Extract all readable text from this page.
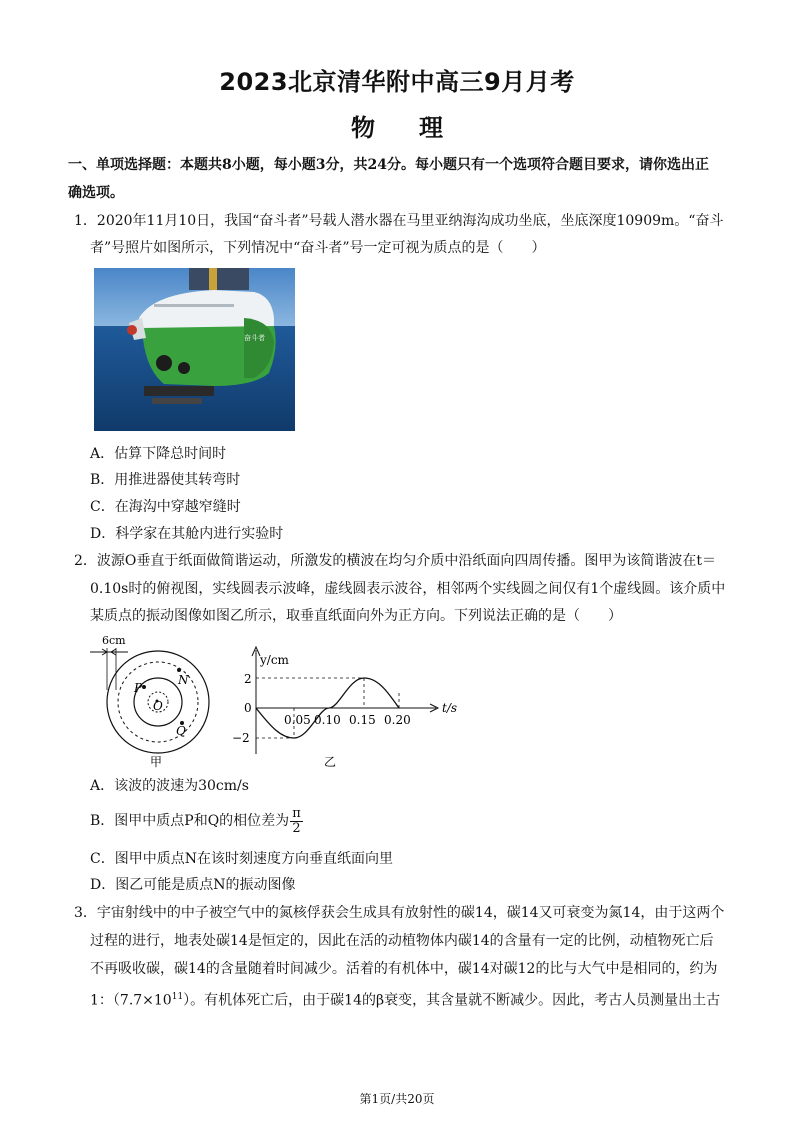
2023北京清华附中高三9月月考
物 理
一、单项选择题：本题共8小题，每小题3分，共24分。每小题只有一个选项符合题目要求，请你选出正
确选项。
1．2020年11月10日，我国“奋斗者”号载人潜水器在马里亚纳海沟成功坐底，坐底深度10909m。“奋斗
者”号照片如图所示，下列情况中“奋斗者”号一定可视为质点的是（　　）
奋斗者
A．估算下降总时间时
B．用推进器使其转弯时
C．在海沟中穿越窄缝时
D．科学家在其舱内进行实验时
2．波源O垂直于纸面做简谐运动，所激发的横波在均匀介质中沿纸面向四周传播。图甲为该简谐波在t＝
0.10s时的俯视图，实线圆表示波峰，虚线圆表示波谷，相邻两个实线圆之间仅有1个虚线圆。该介质中
某质点的振动图像如图乙所示，取垂直纸面向外为正方向。下列说法正确的是（　　）
6cm
O
P
N
Q
甲
y/cm
t/s
2
0
−2
0.05 0.10 0.15 0.20
乙
A．该波的波速为30cm/s
B．图甲中质点P和Q的相位差为 $\frac{\pi}{2}$
C．图甲中质点N在该时刻速度方向垂直纸面向里
D．图乙可能是质点N的振动图像
3．宇宙射线中的中子被空气中的氮核俘获会生成具有放射性的碳14，碳14又可衰变为氮14，由于这两个
过程的进行，地表处碳14是恒定的，因此在活的动植物体内碳14的含量有一定的比例，动植物死亡后
不再吸收碳，碳14的含量随着时间减少。活着的有机体中，碳14对碳12的比与大气中是相同的，约为
1：$(7.7\times 10^{11})$。有机体死亡后，由于碳14的β衰变，其含量就不断减少。因此，考古人员测量出土古
第1页/共20页
